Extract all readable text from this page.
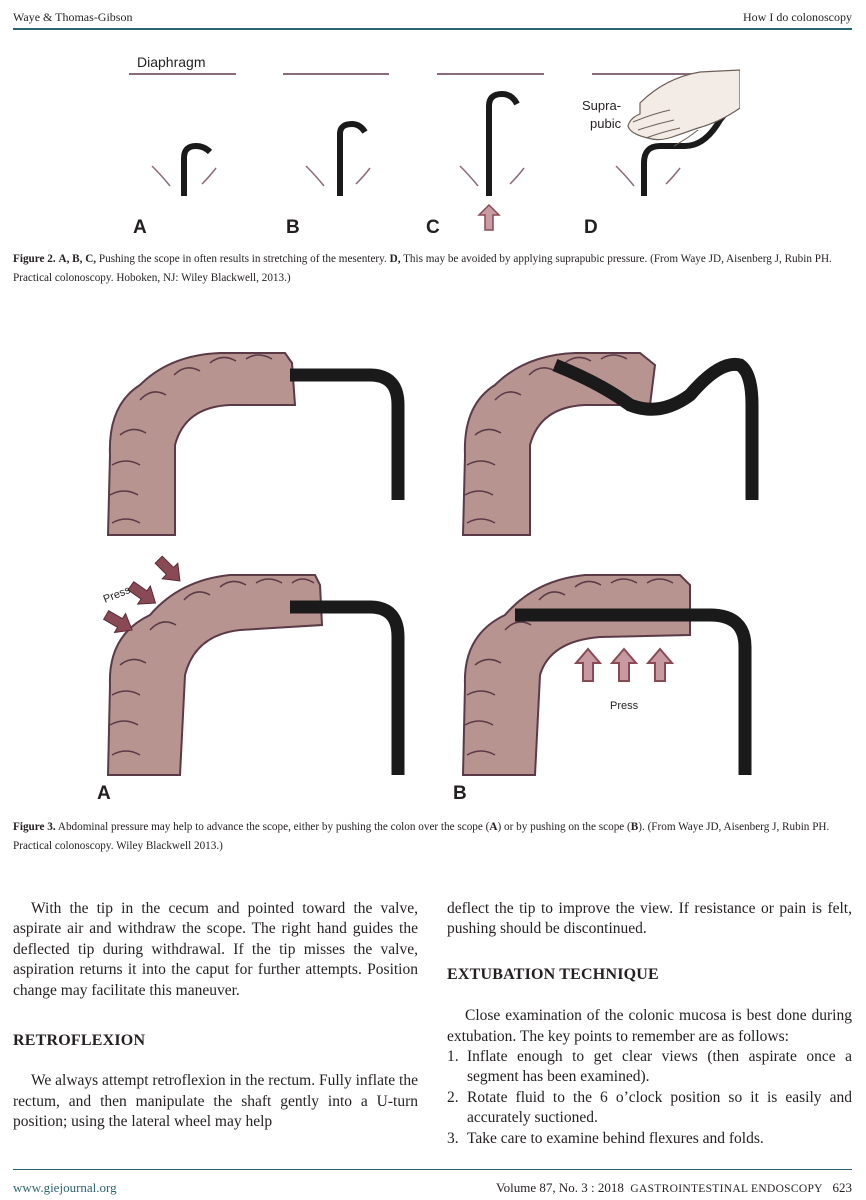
Waye & Thomas-Gibson	How I do colonoscopy
Diaphragm
A	B	C
Supra-
pubic
D
Figure 2. A, B, C, Pushing the scope in often results in stretching of the mesentery. D, This may be avoided by applying suprapubic pressure. (From Waye JD, Aisenberg J, Rubin PH. Practical colonoscopy. Hoboken, NJ: Wiley Blackwell, 2013.)
Press
A
Press
B
Figure 3. Abdominal pressure may help to advance the scope, either by pushing the colon over the scope (A) or by pushing on the scope (B). (From Waye JD, Aisenberg J, Rubin PH. Practical colonoscopy. Wiley Blackwell 2013.)

With the tip in the cecum and pointed toward the valve, aspirate air and withdraw the scope. The right hand guides the deflected tip during withdrawal. If the tip misses the valve, aspiration returns it into the caput for further attempts. Position change may facilitate this maneuver.

RETROFLEXION

We always attempt retroflexion in the rectum. Fully inflate the rectum, and then manipulate the shaft gently into a U-turn position; using the lateral wheel may help

deflect the tip to improve the view. If resistance or pain is felt, pushing should be discontinued.

EXTUBATION TECHNIQUE

Close examination of the colonic mucosa is best done during extubation. The key points to remember are as follows:

1. Inflate enough to get clear views (then aspirate once a segment has been examined).
2. Rotate fluid to the 6 o’clock position so it is easily and accurately suctioned.
3. Take care to examine behind flexures and folds.
www.giejournal.org	Volume 87, No. 3 : 2018 GASTROINTESTINAL ENDOSCOPY 623
